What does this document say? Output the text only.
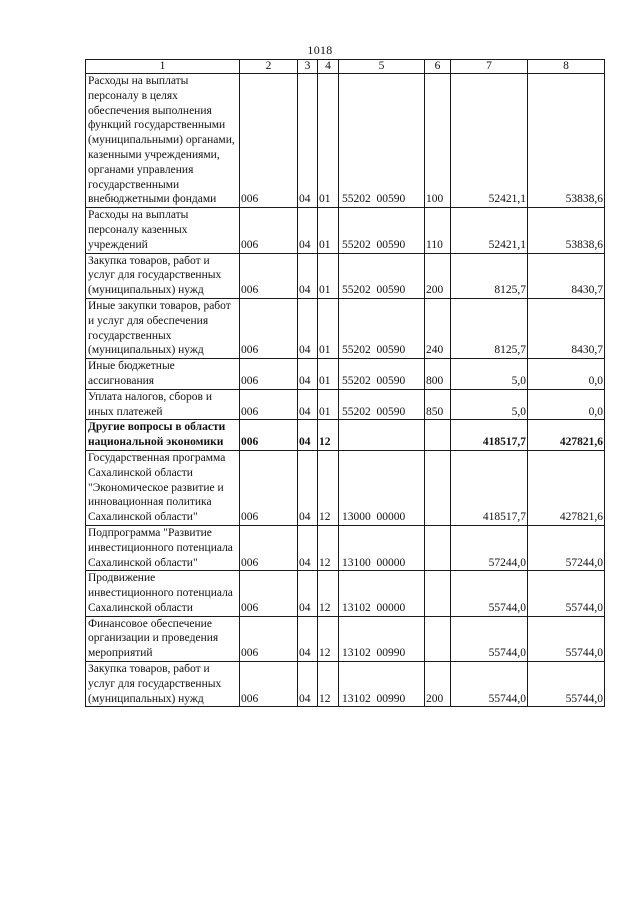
1018
1	2	3	4	5	6	7	8
Расходы на выплаты персоналу в целях обеспечения выполнения функций государственными (муниципальными) органами, казенными учреждениями, органами управления государственными внебюджетными фондами	006	04	01	55202  00590	100	52421,1	53838,6
Расходы на выплаты персоналу казенных учреждений	006	04	01	55202  00590	110	52421,1	53838,6
Закупка товаров, работ и услуг для государственных (муниципальных) нужд	006	04	01	55202  00590	200	8125,7	8430,7
Иные закупки товаров, работ и услуг для обеспечения государственных (муниципальных) нужд	006	04	01	55202  00590	240	8125,7	8430,7
Иные бюджетные ассигнования	006	04	01	55202  00590	800	5,0	0,0
Уплата налогов, сборов и иных платежей	006	04	01	55202  00590	850	5,0	0,0
Другие вопросы в области национальной экономики	006	04	12			418517,7	427821,6
Государственная программа Сахалинской области "Экономическое развитие и инновационная политика Сахалинской области"	006	04	12	13000  00000		418517,7	427821,6
Подпрограмма "Развитие инвестиционного потенциала Сахалинской области"	006	04	12	13100  00000		57244,0	57244,0
Продвижение инвестиционного потенциала Сахалинской области	006	04	12	13102  00000		55744,0	55744,0
Финансовое обеспечение организации и проведения мероприятий	006	04	12	13102  00990		55744,0	55744,0
Закупка товаров, работ и услуг для государственных (муниципальных) нужд	006	04	12	13102  00990	200	55744,0	55744,0
